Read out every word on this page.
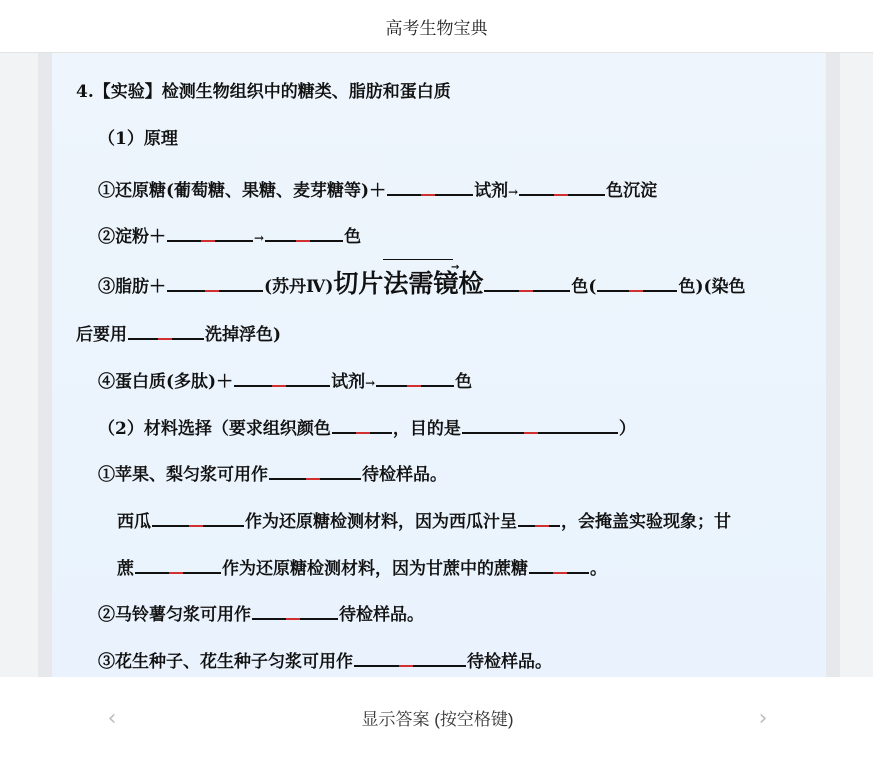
高考生物宝典
4.【实验】检测生物组织中的糖类、脂肪和蛋白质
（1）原理
①还原糖(葡萄糖、果糖、麦芽糖等)＋	试剂→	色沉淀
②淀粉＋	→	色
③脂肪＋	(苏丹Ⅳ)
→
切片法需镜检	色(	色)(染色
后要用	洗掉浮色)
④蛋白质(多肽)＋	试剂→	色
（2）材料选择（要求组织颜色	，目的是	）
①苹果、梨匀浆可用作	待检样品。
西瓜	作为还原糖检测材料，因为西瓜汁呈	，会掩盖实验现象；甘
蔗	作为还原糖检测材料，因为甘蔗中的蔗糖	。
②马铃薯匀浆可用作	待检样品。
③花生种子、花生种子匀浆可用作	待检样品。
‹	显示答案 (按空格键)	›
